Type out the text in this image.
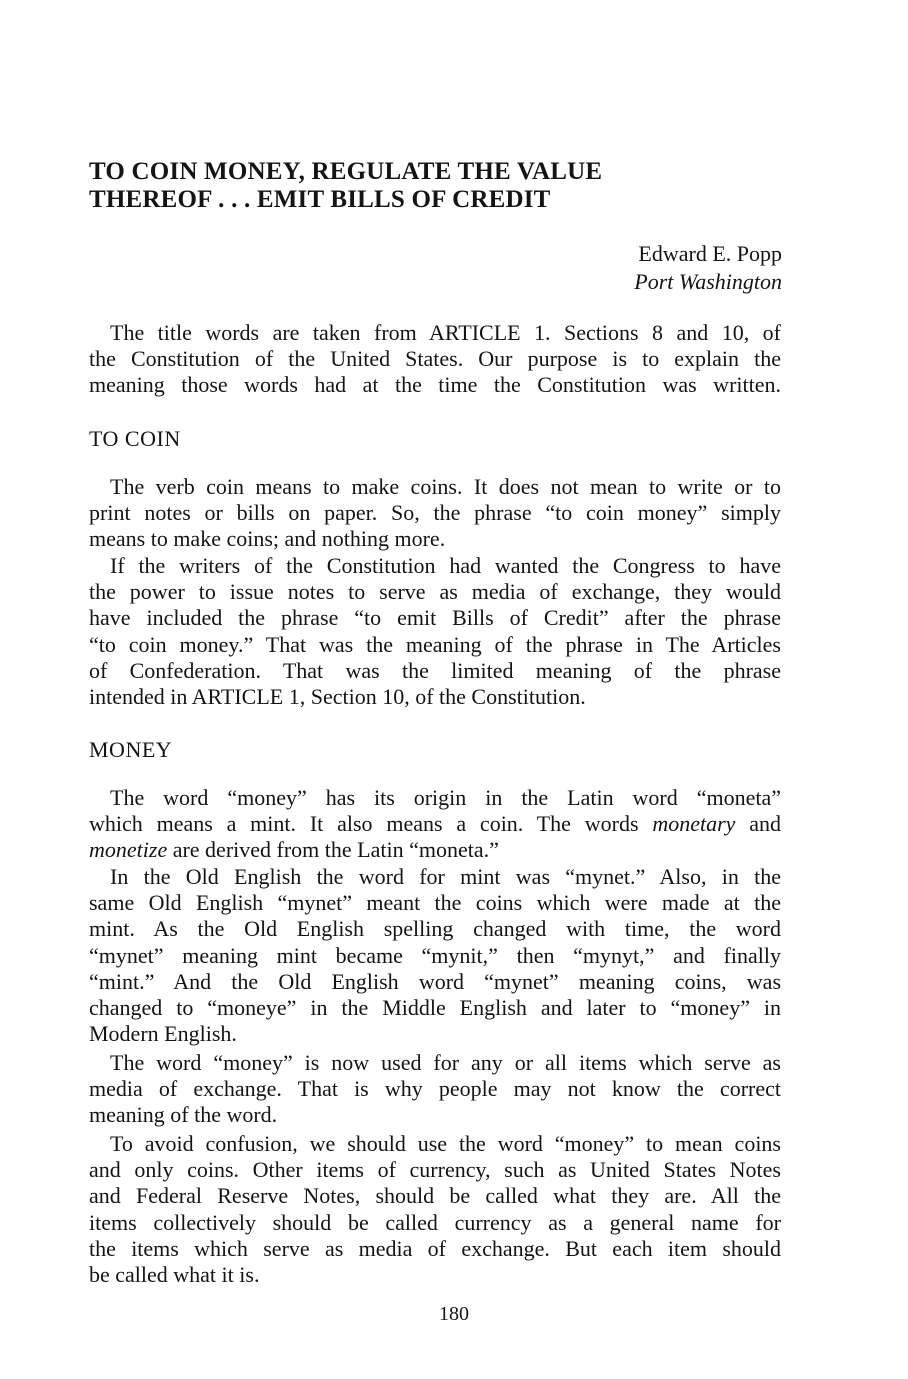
TO COIN MONEY, REGULATE THE VALUE
THEREOF . . . EMIT BILLS OF CREDIT
Edward E. Popp
Port Washington

The title words are taken from ARTICLE 1. Sections 8 and 10, of
the Constitution of the United States. Our purpose is to explain the
meaning those words had at the time the Constitution was written.

TO COIN

The verb coin means to make coins. It does not mean to write or to
print notes or bills on paper. So, the phrase “to coin money” simply
means to make coins; and nothing more.

If the writers of the Constitution had wanted the Congress to have
the power to issue notes to serve as media of exchange, they would
have included the phrase “to emit Bills of Credit” after the phrase
“to coin money.” That was the meaning of the phrase in The Articles
of Confederation. That was the limited meaning of the phrase
intended in ARTICLE 1, Section 10, of the Constitution.

MONEY

The word “money” has its origin in the Latin word “moneta”
which means a mint. It also means a coin. The words monetary and
monetize are derived from the Latin “moneta.”

In the Old English the word for mint was “mynet.” Also, in the
same Old English “mynet” meant the coins which were made at the
mint. As the Old English spelling changed with time, the word
“mynet” meaning mint became “mynit,” then “mynyt,” and finally
“mint.” And the Old English word “mynet” meaning coins, was
changed to “moneye” in the Middle English and later to “money” in
Modern English.

The word “money” is now used for any or all items which serve as
media of exchange. That is why people may not know the correct
meaning of the word.

To avoid confusion, we should use the word “money” to mean coins
and only coins. Other items of currency, such as United States Notes
and Federal Reserve Notes, should be called what they are. All the
items collectively should be called currency as a general name for
the items which serve as media of exchange. But each item should
be called what it is.

180
